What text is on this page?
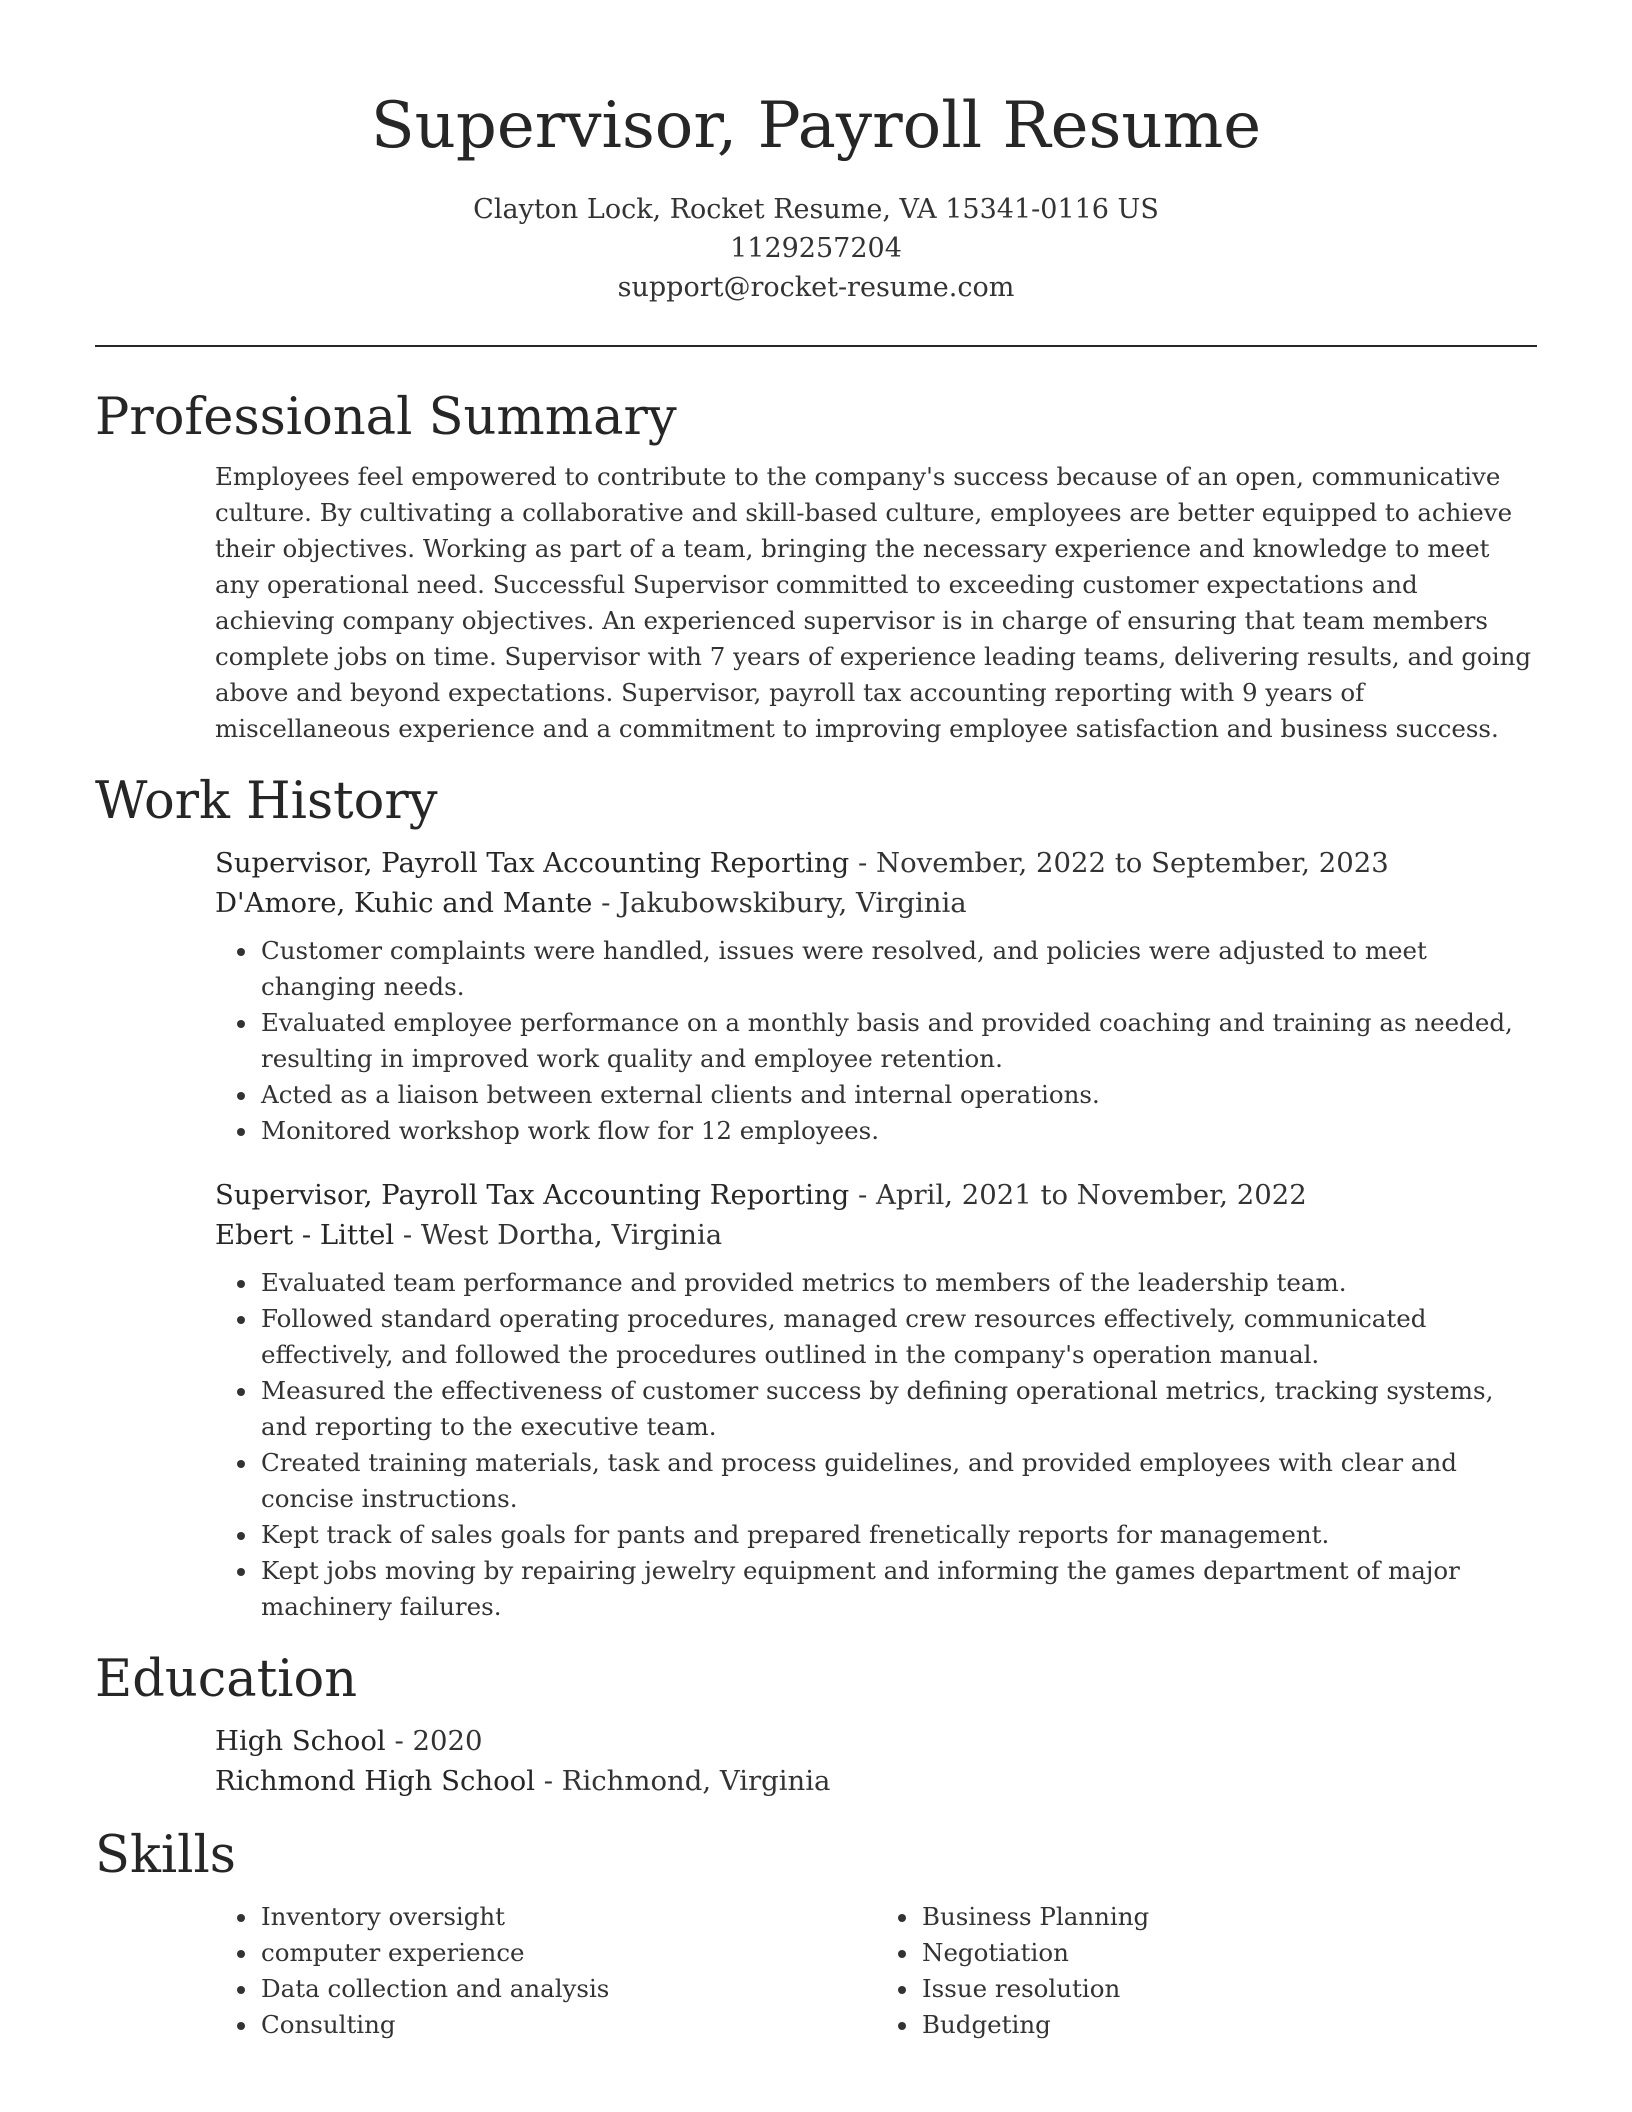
Supervisor, Payroll Resume
Clayton Lock, Rocket Resume, VA 15341-0116 US
1129257204
support@rocket-resume.com
Professional Summary

Employees feel empowered to contribute to the company's success because of an open, communicative culture. By cultivating a collaborative and skill-based culture, employees are better equipped to achieve their objectives. Working as part of a team, bringing the necessary experience and knowledge to meet any operational need. Successful Supervisor committed to exceeding customer expectations and achieving company objectives. An experienced supervisor is in charge of ensuring that team members complete jobs on time. Supervisor with 7 years of experience leading teams, delivering results, and going above and beyond expectations. Supervisor, payroll tax accounting reporting with 9 years of miscellaneous experience and a commitment to improving employee satisfaction and business success.

Work History
Supervisor, Payroll Tax Accounting Reporting - November, 2022 to September, 2023
D'Amore, Kuhic and Mante - Jakubowskibury, Virginia
• Customer complaints were handled, issues were resolved, and policies were adjusted to meet changing needs.
• Evaluated employee performance on a monthly basis and provided coaching and training as needed, resulting in improved work quality and employee retention.
• Acted as a liaison between external clients and internal operations.
• Monitored workshop work flow for 12 employees.
Supervisor, Payroll Tax Accounting Reporting - April, 2021 to November, 2022
Ebert - Littel - West Dortha, Virginia
• Evaluated team performance and provided metrics to members of the leadership team.
• Followed standard operating procedures, managed crew resources effectively, communicated effectively, and followed the procedures outlined in the company's operation manual.
• Measured the effectiveness of customer success by defining operational metrics, tracking systems, and reporting to the executive team.
• Created training materials, task and process guidelines, and provided employees with clear and concise instructions.
• Kept track of sales goals for pants and prepared frenetically reports for management.
• Kept jobs moving by repairing jewelry equipment and informing the games department of major machinery failures.
Education
High School - 2020
Richmond High School - Richmond, Virginia
Skills
• Inventory oversight
• computer experience
• Data collection and analysis
• Consulting
• Business Planning
• Negotiation
• Issue resolution
• Budgeting
